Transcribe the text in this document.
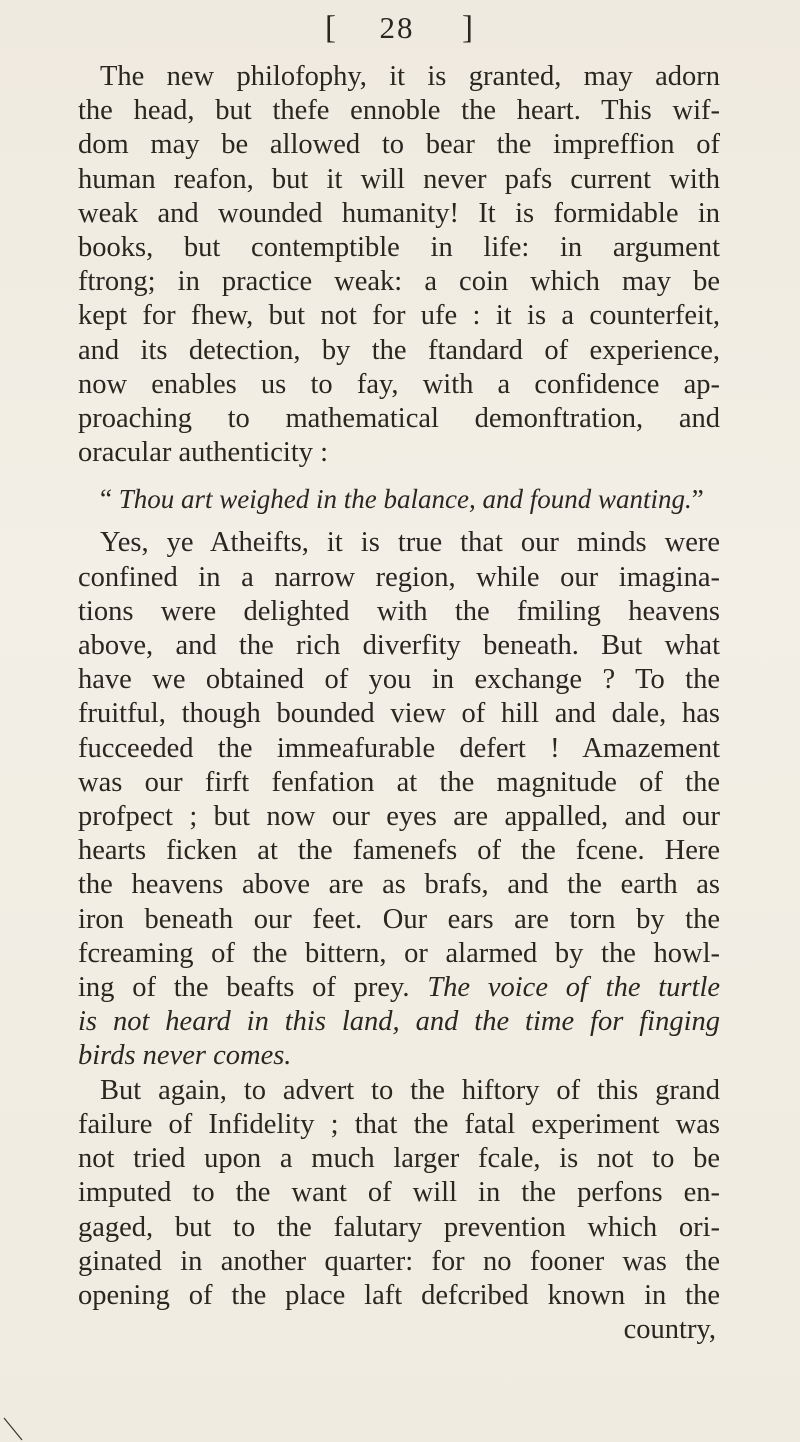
[ 28 ]

The new philofophy, it is granted, may adorn
the head, but thefe ennoble the heart. This wif-
dom may be allowed to bear the impreffion of
human reafon, but it will never pafs current with
weak and wounded humanity! It is formidable in
books, but contemptible in life: in argument
ftrong; in practice weak: a coin which may be
kept for fhew, but not for ufe : it is a counterfeit,
and its detection, by the ftandard of experience,
now enables us to fay, with a confidence ap-
proaching to mathematical demonftration, and
oracular authenticity :

“ Thou art weighed in the balance, and found wanting.”

Yes, ye Atheifts, it is true that our minds were
confined in a narrow region, while our imagina-
tions were delighted with the fmiling heavens
above, and the rich diverfity beneath. But what
have we obtained of you in exchange ? To the
fruitful, though bounded view of hill and dale, has
fucceeded the immeafurable defert ! Amazement
was our firft fenfation at the magnitude of the
profpect ; but now our eyes are appalled, and our
hearts ficken at the famenefs of the fcene. Here
the heavens above are as brafs, and the earth as
iron beneath our feet. Our ears are torn by the
fcreaming of the bittern, or alarmed by the howl-
ing of the beafts of prey. The voice of the turtle
is not heard in this land, and the time for finging
birds never comes.

But again, to advert to the hiftory of this grand
failure of Infidelity ; that the fatal experiment was
not tried upon a much larger fcale, is not to be
imputed to the want of will in the perfons en-
gaged, but to the falutary prevention which ori-
ginated in another quarter: for no fooner was the
opening of the place laft defcribed known in the

country,
